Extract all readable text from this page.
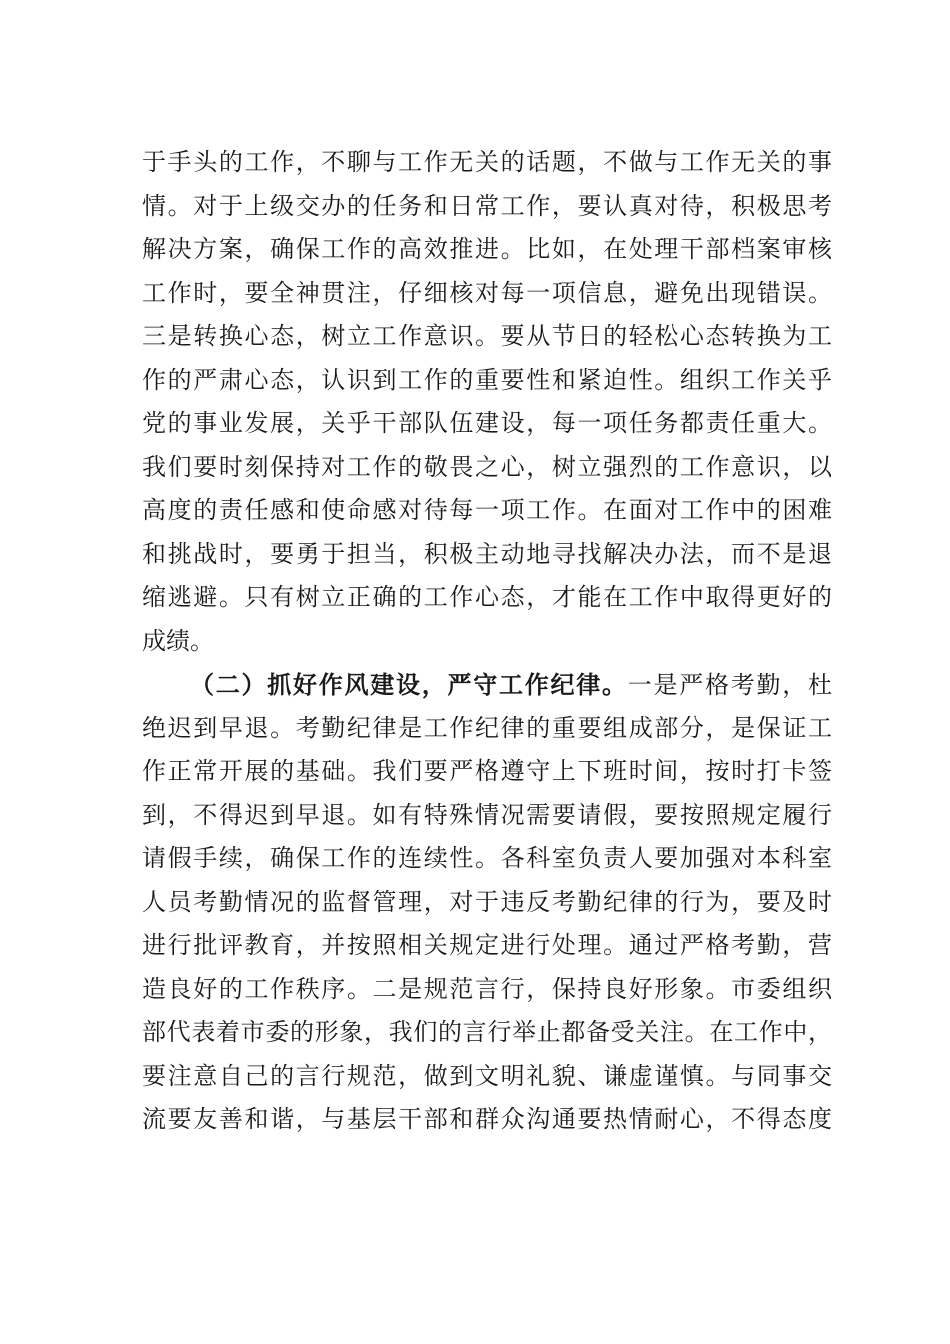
于手头的工作，不聊与工作无关的话题，不做与工作无关的事
情。对于上级交办的任务和日常工作，要认真对待，积极思考
解决方案，确保工作的高效推进。比如，在处理干部档案审核
工作时，要全神贯注，仔细核对每一项信息，避免出现错误。
三是转换心态，树立工作意识。要从节日的轻松心态转换为工
作的严肃心态，认识到工作的重要性和紧迫性。组织工作关乎
党的事业发展，关乎干部队伍建设，每一项任务都责任重大。
我们要时刻保持对工作的敬畏之心，树立强烈的工作意识，以
高度的责任感和使命感对待每一项工作。在面对工作中的困难
和挑战时，要勇于担当，积极主动地寻找解决办法，而不是退
缩逃避。只有树立正确的工作心态，才能在工作中取得更好的
成绩。
（二）抓好作风建设，严守工作纪律。一是严格考勤，杜
绝迟到早退。考勤纪律是工作纪律的重要组成部分，是保证工
作正常开展的基础。我们要严格遵守上下班时间，按时打卡签
到，不得迟到早退。如有特殊情况需要请假，要按照规定履行
请假手续，确保工作的连续性。各科室负责人要加强对本科室
人员考勤情况的监督管理，对于违反考勤纪律的行为，要及时
进行批评教育，并按照相关规定进行处理。通过严格考勤，营
造良好的工作秩序。二是规范言行，保持良好形象。市委组织
部代表着市委的形象，我们的言行举止都备受关注。在工作中，
要注意自己的言行规范，做到文明礼貌、谦虚谨慎。与同事交
流要友善和谐，与基层干部和群众沟通要热情耐心，不得态度
